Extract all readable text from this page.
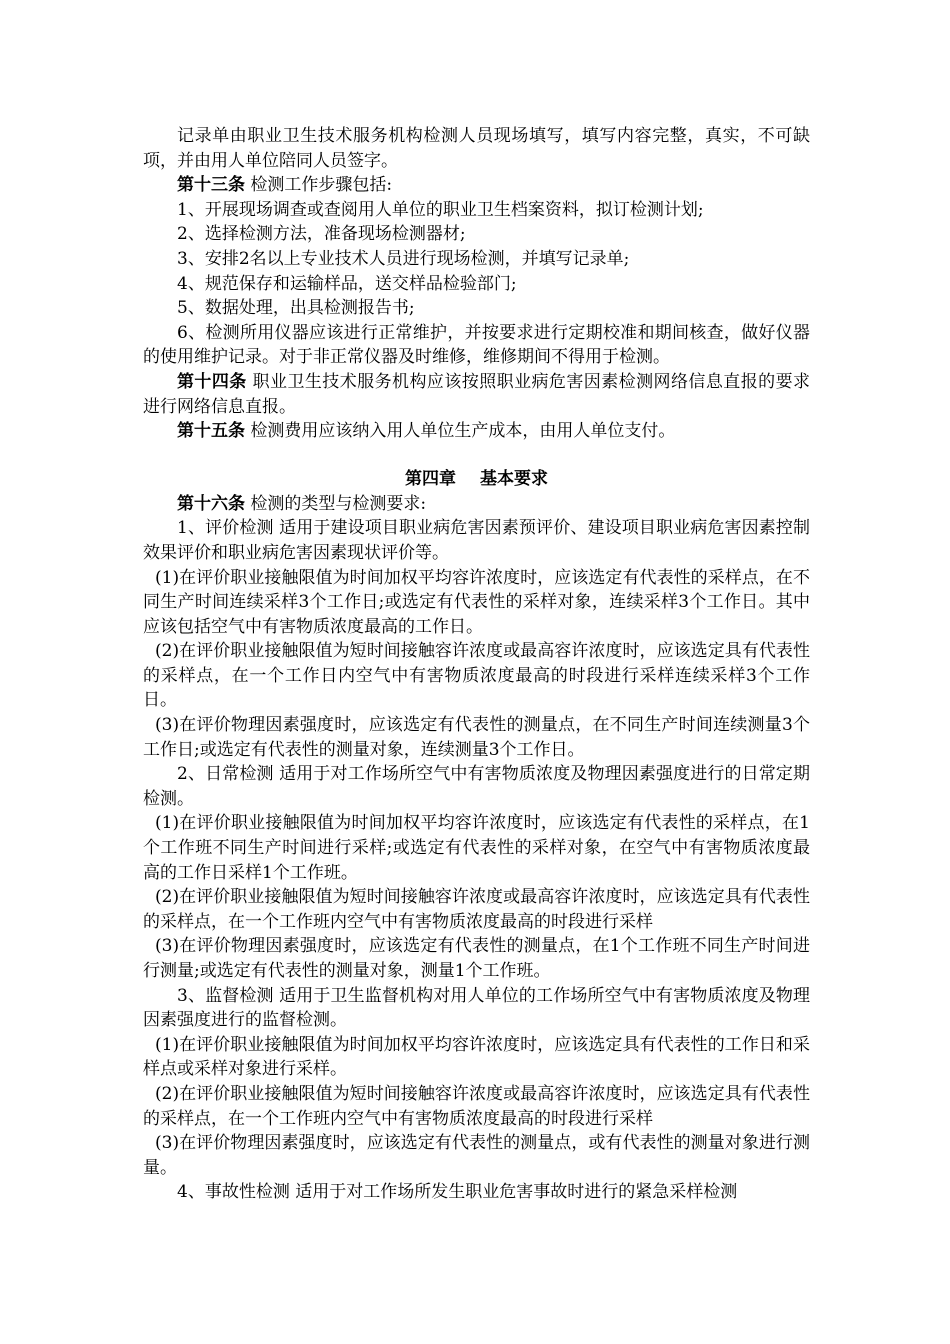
记录单由职业卫生技术服务机构检测人员现场填写，填写内容完整，真实，不可缺项，并由用人单位陪同人员签字。

第十三条 检测工作步骤包括:

1、开展现场调查或查阅用人单位的职业卫生档案资料，拟订检测计划;

2、选择检测方法，准备现场检测器材;

3、安排2名以上专业技术人员进行现场检测，并填写记录单;

4、规范保存和运输样品，送交样品检验部门;

5、数据处理，出具检测报告书;

6、检测所用仪器应该进行正常维护，并按要求进行定期校准和期间核查，做好仪器的使用维护记录。对于非正常仪器及时维修，维修期间不得用于检测。

第十四条 职业卫生技术服务机构应该按照职业病危害因素检测网络信息直报的要求进行网络信息直报。

第十五条 检测费用应该纳入用人单位生产成本，由用人单位支付。

第四章 基本要求

第十六条 检测的类型与检测要求:

1、评价检测 适用于建设项目职业病危害因素预评价、建设项目职业病危害因素控制效果评价和职业病危害因素现状评价等。

(1)在评价职业接触限值为时间加权平均容许浓度时，应该选定有代表性的采样点，在不同生产时间连续采样3个工作日;或选定有代表性的采样对象，连续采样3个工作日。其中应该包括空气中有害物质浓度最高的工作日。

(2)在评价职业接触限值为短时间接触容许浓度或最高容许浓度时，应该选定具有代表性的采样点，在一个工作日内空气中有害物质浓度最高的时段进行采样连续采样3个工作日。

(3)在评价物理因素强度时，应该选定有代表性的测量点，在不同生产时间连续测量3个工作日;或选定有代表性的测量对象，连续测量3个工作日。

2、日常检测 适用于对工作场所空气中有害物质浓度及物理因素强度进行的日常定期检测。

(1)在评价职业接触限值为时间加权平均容许浓度时，应该选定有代表性的采样点，在1个工作班不同生产时间进行采样;或选定有代表性的采样对象，在空气中有害物质浓度最高的工作日采样1个工作班。

(2)在评价职业接触限值为短时间接触容许浓度或最高容许浓度时，应该选定具有代表性的采样点，在一个工作班内空气中有害物质浓度最高的时段进行采样

(3)在评价物理因素强度时，应该选定有代表性的测量点，在1个工作班不同生产时间进行测量;或选定有代表性的测量对象，测量1个工作班。

3、监督检测 适用于卫生监督机构对用人单位的工作场所空气中有害物质浓度及物理因素强度进行的监督检测。

(1)在评价职业接触限值为时间加权平均容许浓度时，应该选定具有代表性的工作日和采样点或采样对象进行采样。

(2)在评价职业接触限值为短时间接触容许浓度或最高容许浓度时，应该选定具有代表性的采样点，在一个工作班内空气中有害物质浓度最高的时段进行采样

(3)在评价物理因素强度时，应该选定有代表性的测量点，或有代表性的测量对象进行测量。

4、事故性检测 适用于对工作场所发生职业危害事故时进行的紧急采样检测
